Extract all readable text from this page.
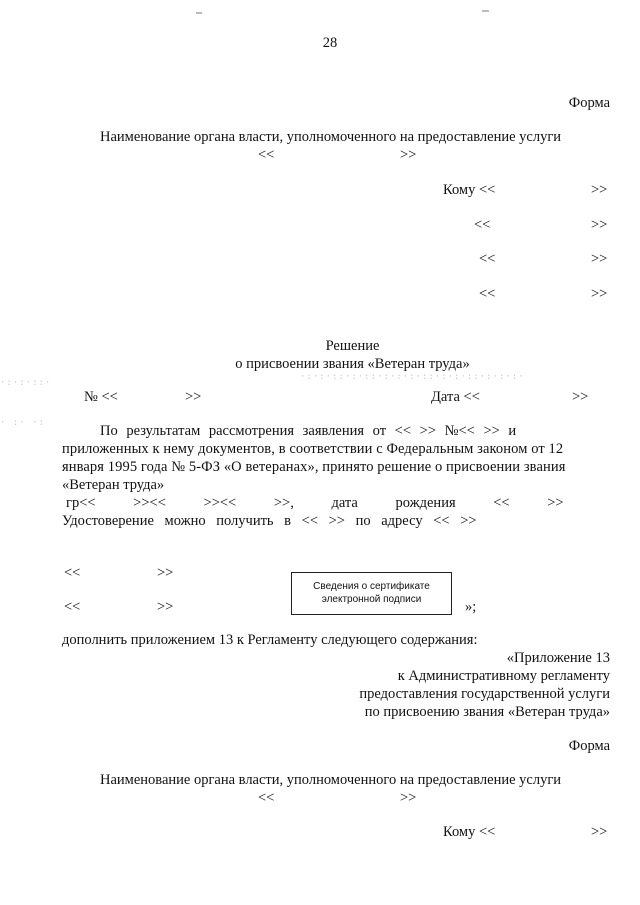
·:·:·::·
·:·:·::·:·::·:·:·:·::·:·:·::·:·:·:·
· :· ·:
28
Форма
Наименование органа власти, уполномоченного на предоставление услуги
<<	>>
Кому <<	>>
<<	>>
<<	>>
<<	>>
Решение
о присвоении звания «Ветеран труда»
№ <<	>>	Дата <<	>>
По результатам рассмотрения заявления от << >> №<< >> и
приложенных к нему документов, в соответствии с Федеральным законом от 12
января 1995 года № 5-ФЗ «О ветеранах», принято решение о присвоении звания
«Ветеран труда»
гр<< >><< >><< >>, дата рождения << >>
Удостоверение можно получить в << >> по адресу << >>
<<	>>
<<	>>	»;
Сведения о сертификате
электронной подписи
дополнить приложением 13 к Регламенту следующего содержания:
«Приложение 13
к Административному регламенту
предоставления государственной услуги
по присвоению звания «Ветеран труда»
Форма
Наименование органа власти, уполномоченного на предоставление услуги
<<	>>
Кому <<	>>
